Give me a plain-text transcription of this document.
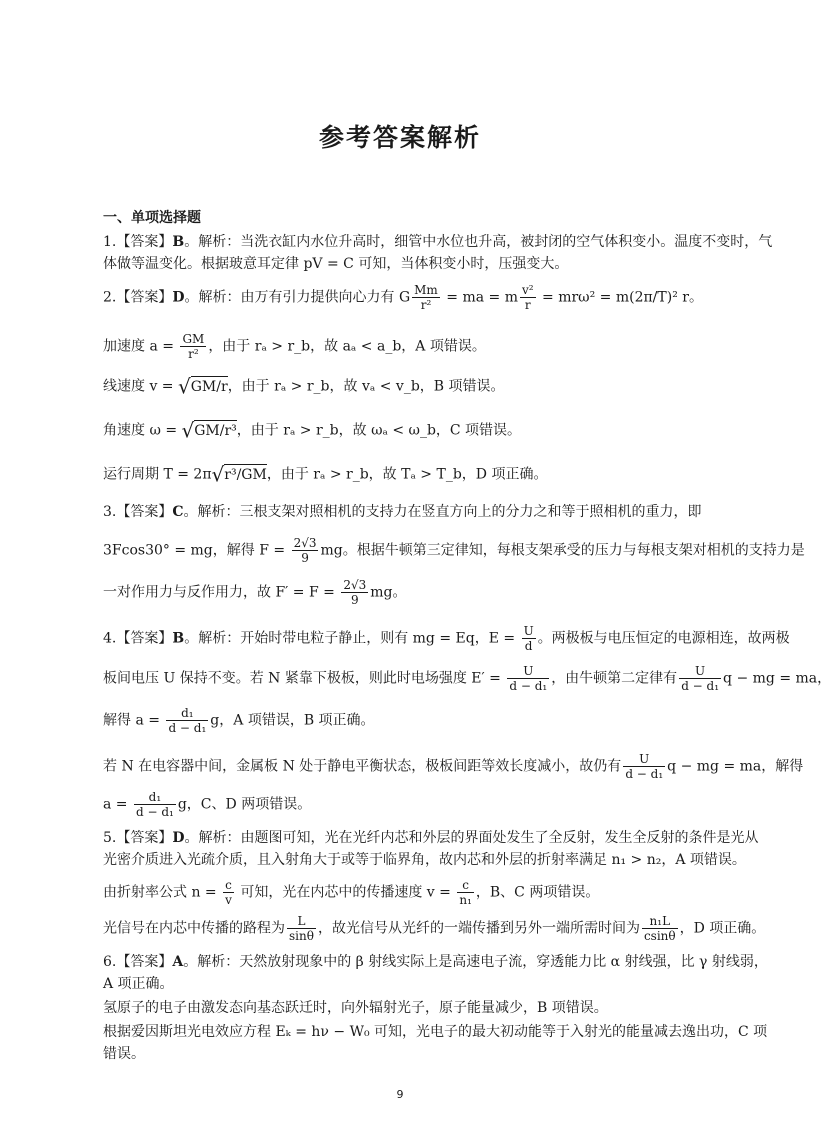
参考答案解析
一、单项选择题
1.【答案】B。解析：当洗衣缸内水位升高时，细管中水位也升高，被封闭的空气体积变小。温度不变时，气
体做等温变化。根据玻意耳定律 pV = C 可知，当体积变小时，压强变大。
2.【答案】D。解析：由万有引力提供向心力有 G $\frac{Mm}{\text{r²}}$ = ma = m $\frac{\text{v²}}{r} = mr\omega^2 = m(2\pi/T)^2$ r。
加速度 $a = \frac{GM}{\text{r²}}$ ，由于 rₐ > r_b，故 aₐ < a_b，A 项错误。
线速度 v = √GM/r，由于 rₐ > r_b，故 vₐ < v_b，B 项错误。
角速度 ω = √GM/r³，由于 rₐ > r_b，故 ωₐ < ω_b，C 项错误。
运行周期 T = 2π√r³/GM，由于 rₐ > r_b，故 Tₐ > T_b，D 项正确。
3.【答案】C。解析：三根支架对照相机的支持力在竖直方向上的分力之和等于照相机的重力，即
3Fcos30° = mg，解得 $F = \frac{2√3}{9}$ mg。根据牛顿第三定律知，每根支架承受的压力与每根支架对相机的支持力是
一对作用力与反作用力，故 $F' = F = \frac{2√3}{9}$ mg。
4.【答案】B。解析：开始时带电粒子静止，则有 mg = Eq，$E = \frac{U}{d}$ 。两极板与电压恒定的电源相连，故两极
板间电压 U 保持不变。若 N 紧靠下极板，则此时电场强度 $E' = \frac{U}{\text{d − d₁}}$ ，由牛顿第二定律有 $\frac{U}{\text{d − d₁}}$ q − mg = ma，
解得 $a = \frac{\text{d₁}}{\text{d − d₁}}$ g，A 项错误，B 项正确。
若 N 在电容器中间，金属板 N 处于静电平衡状态，极板间距等效长度减小，故仍有 $\frac{U}{\text{d − d₁}}$ q − mg = ma，解得
$a = \frac{\text{d₁}}{\text{d − d₁}}$ g，C、D 两项错误。
5.【答案】D。解析：由题图可知，光在光纤内芯和外层的界面处发生了全反射，发生全反射的条件是光从
光密介质进入光疏介质，且入射角大于或等于临界角，故内芯和外层的折射率满足 n₁ > n₂，A 项错误。
由折射率公式 $n = \frac{c}{v}$ 可知，光在内芯中的传播速度 $v = \frac{c}{\text{n₁}}$ ，B、C 两项错误。
光信号在内芯中传播的路程为 $\frac{L}{\sin\theta}$ ，故光信号从光纤的一端传播到另外一端所需时间为 $\frac{\text{n₁L}}{csin\theta}$ ，D 项正确。
6.【答案】A。解析：天然放射现象中的 β 射线实际上是高速电子流，穿透能力比 α 射线强，比 γ 射线弱，
A 项正确。
氢原子的电子由激发态向基态跃迁时，向外辐射光子，原子能量减少，B 项错误。
根据爱因斯坦光电效应方程 Eₖ = hν − W₀ 可知，光电子的最大初动能等于入射光的能量减去逸出功，C 项
错误。
9
